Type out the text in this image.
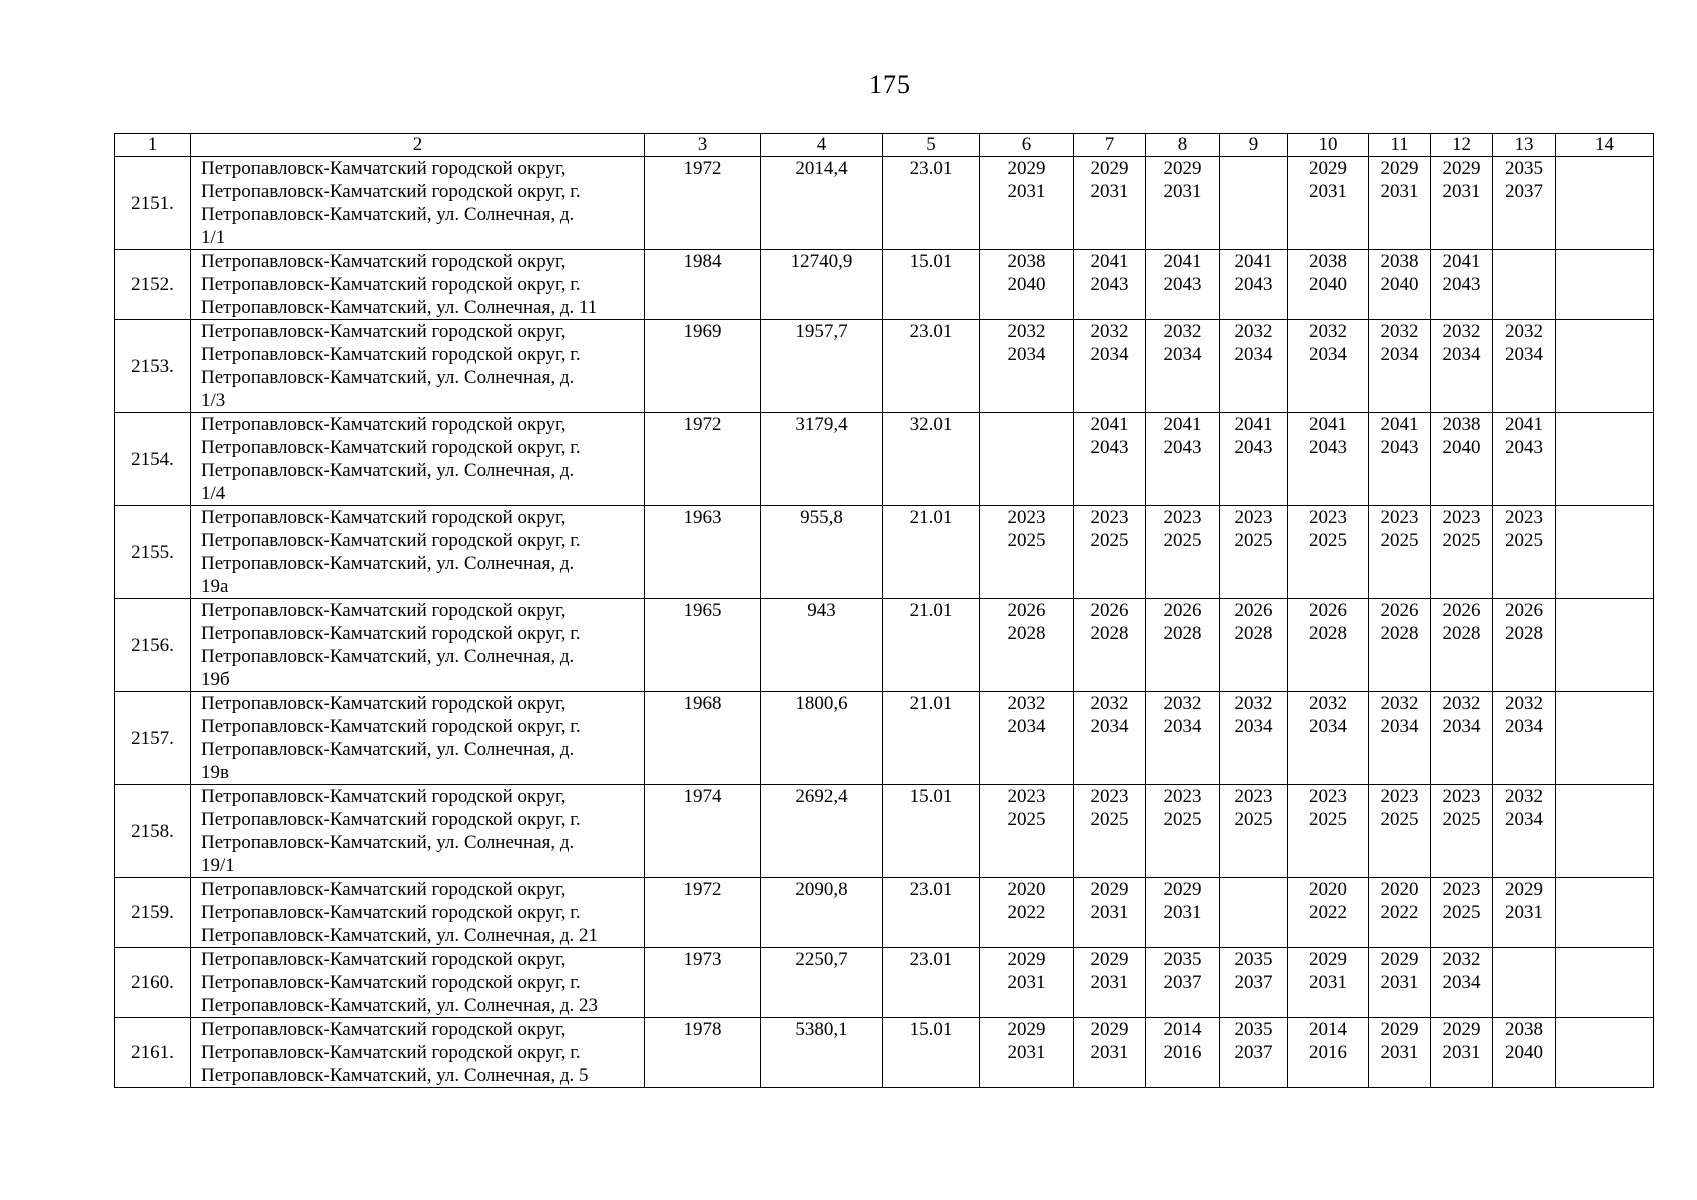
175
1	2	3	4	5	6	7	8	9	10	11	12	13	14
2151.	Петропавловск-Камчатский городской округ,
Петропавловск-Камчатский городской округ, г.
Петропавловск-Камчатский, ул. Солнечная, д.
1/1	1972	2014,4	23.01	2029
2031	2029
2031	2029
2031		2029
2031	2029
2031	2029
2031	2035
2037	

2152.	Петропавловск-Камчатский городской округ,
Петропавловск-Камчатский городской округ, г.
Петропавловск-Камчатский, ул. Солнечная, д. 11	1984	12740,9	15.01	2038
2040	2041
2043	2041
2043	2041
2043	2038
2040	2038
2040	2041
2043		

2153.	Петропавловск-Камчатский городской округ,
Петропавловск-Камчатский городской округ, г.
Петропавловск-Камчатский, ул. Солнечная, д.
1/3	1969	1957,7	23.01	2032
2034	2032
2034	2032
2034	2032
2034	2032
2034	2032
2034	2032
2034	2032
2034	

2154.	Петропавловск-Камчатский городской округ,
Петропавловск-Камчатский городской округ, г.
Петропавловск-Камчатский, ул. Солнечная, д.
1/4	1972	3179,4	32.01		2041
2043	2041
2043	2041
2043	2041
2043	2041
2043	2038
2040	2041
2043	

2155.	Петропавловск-Камчатский городской округ,
Петропавловск-Камчатский городской округ, г.
Петропавловск-Камчатский, ул. Солнечная, д.
19а	1963	955,8	21.01	2023
2025	2023
2025	2023
2025	2023
2025	2023
2025	2023
2025	2023
2025	2023
2025	

2156.	Петропавловск-Камчатский городской округ,
Петропавловск-Камчатский городской округ, г.
Петропавловск-Камчатский, ул. Солнечная, д.
19б	1965	943	21.01	2026
2028	2026
2028	2026
2028	2026
2028	2026
2028	2026
2028	2026
2028	2026
2028	

2157.	Петропавловск-Камчатский городской округ,
Петропавловск-Камчатский городской округ, г.
Петропавловск-Камчатский, ул. Солнечная, д.
19в	1968	1800,6	21.01	2032
2034	2032
2034	2032
2034	2032
2034	2032
2034	2032
2034	2032
2034	2032
2034	

2158.	Петропавловск-Камчатский городской округ,
Петропавловск-Камчатский городской округ, г.
Петропавловск-Камчатский, ул. Солнечная, д.
19/1	1974	2692,4	15.01	2023
2025	2023
2025	2023
2025	2023
2025	2023
2025	2023
2025	2023
2025	2032
2034	

2159.	Петропавловск-Камчатский городской округ,
Петропавловск-Камчатский городской округ, г.
Петропавловск-Камчатский, ул. Солнечная, д. 21	1972	2090,8	23.01	2020
2022	2029
2031	2029
2031		2020
2022	2020
2022	2023
2025	2029
2031	

2160.	Петропавловск-Камчатский городской округ,
Петропавловск-Камчатский городской округ, г.
Петропавловск-Камчатский, ул. Солнечная, д. 23	1973	2250,7	23.01	2029
2031	2029
2031	2035
2037	2035
2037	2029
2031	2029
2031	2032
2034		

2161.	Петропавловск-Камчатский городской округ,
Петропавловск-Камчатский городской округ, г.
Петропавловск-Камчатский, ул. Солнечная, д. 5	1978	5380,1	15.01	2029
2031	2029
2031	2014
2016	2035
2037	2014
2016	2029
2031	2029
2031	2038
2040	
